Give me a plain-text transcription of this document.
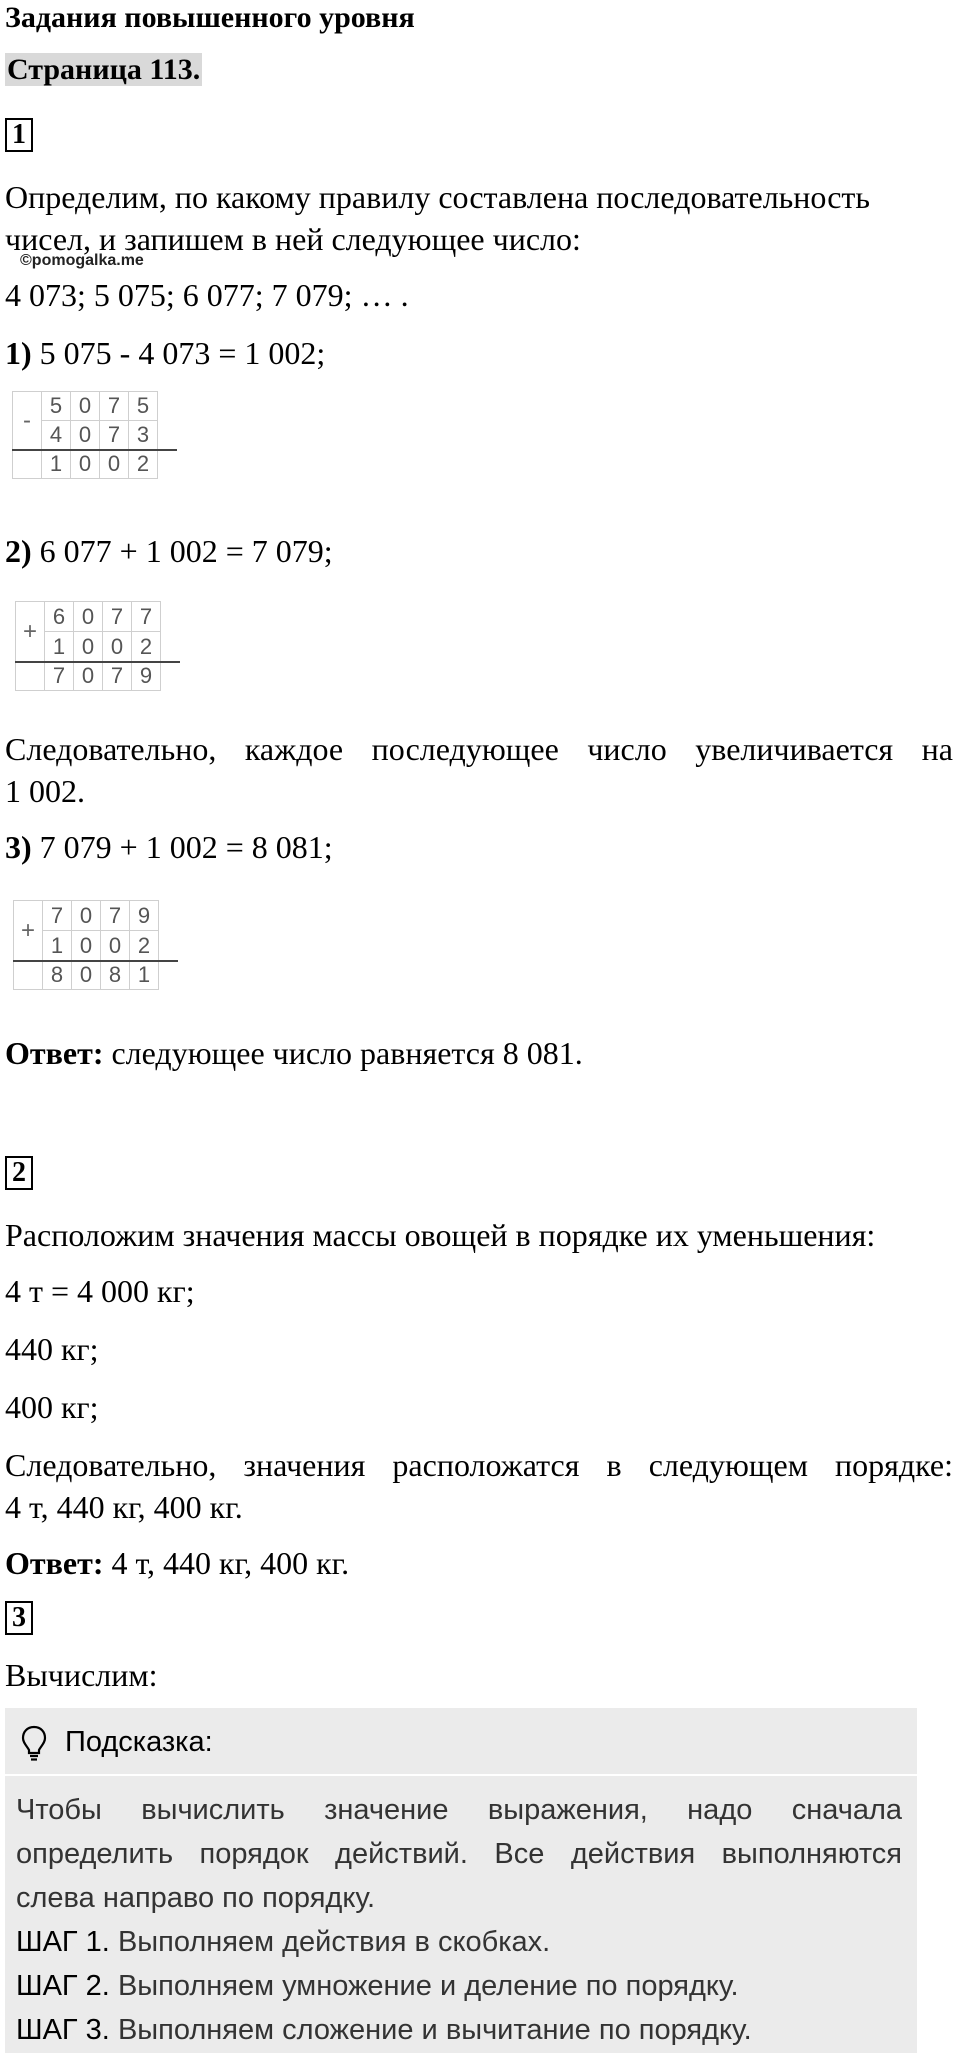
Задания повышенного уровня
Страница 113.
1
Определим, по какому правилу составлена последовательность
чисел, и запишем в ней следующее число:
©pomogalka.me
4 073; 5 075; 6 077; 7 079; … .
1) 5 075 - 4 073 = 1 002;
-	5	0	7	5
	4	0	7	3
	1	0	0	2
2) 6 077 + 1 002 = 7 079;
+	6	0	7	7
	1	0	0	2
	7	0	7	9
Следовательно, каждое последующее число увеличивается на
1 002.
3) 7 079 + 1 002 = 8 081;
+	7	0	7	9
	1	0	0	2
	8	0	8	1
Ответ: следующее число равняется 8 081.
2
Расположим значения массы овощей в порядке их уменьшения:
4 т = 4 000 кг;
440 кг;
400 кг;
Следовательно, значения расположатся в следующем порядке:
4 т, 440 кг, 400 кг.
Ответ: 4 т, 440 кг, 400 кг.
3
Вычислим:
Подсказка:
Чтобы вычислить значение выражения, надо сначала
определить порядок действий. Все действия выполняются
слева направо по порядку.
ШАГ 1. Выполняем действия в скобках.
ШАГ 2. Выполняем умножение и деление по порядку.
ШАГ 3. Выполняем сложение и вычитание по порядку.
